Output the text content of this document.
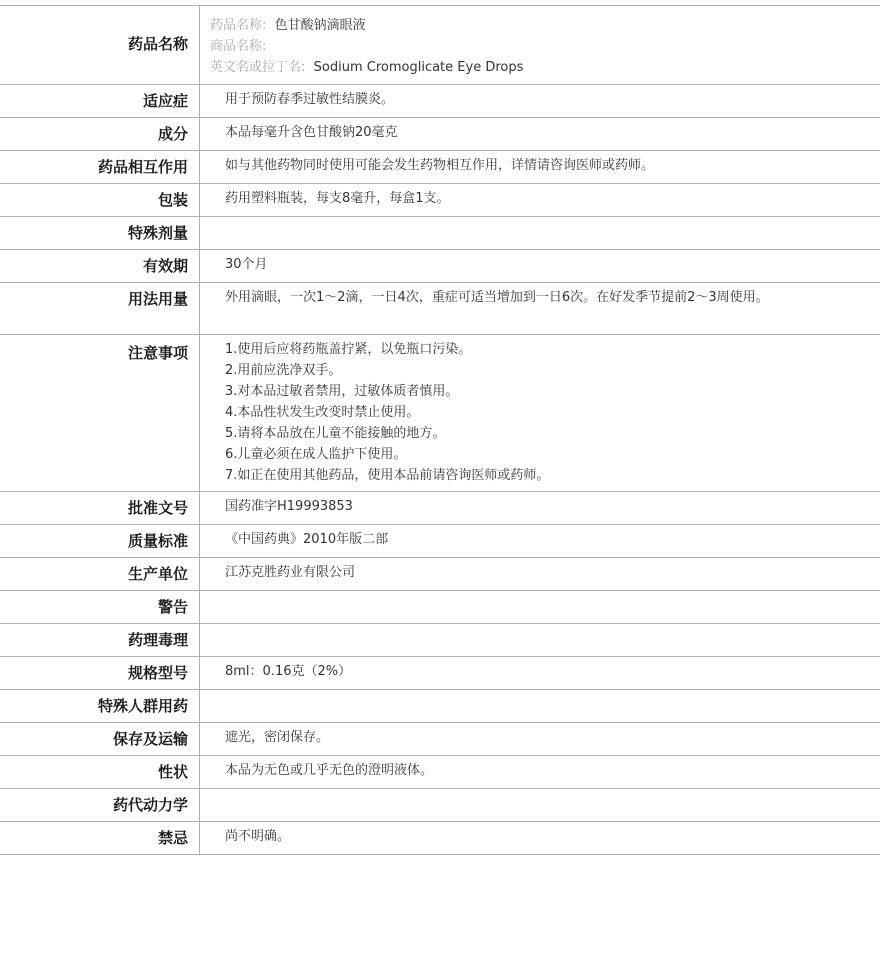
药品名称
药品名称: 色甘酸钠滴眼液
商品名称:
英文名或拉丁名: Sodium Cromoglicate Eye Drops
适应症	用于预防春季过敏性结膜炎。
成分	本品每毫升含色甘酸钠20毫克
药品相互作用	如与其他药物同时使用可能会发生药物相互作用，详情请咨询医师或药师。
包装	药用塑料瓶装，每支8毫升，每盒1支。
特殊剂量
有效期	30个月
用法用量	外用滴眼，一次1～2滴，一日4次，重症可适当增加到一日6次。在好发季节提前2～3周使用。
注意事项	1.使用后应将药瓶盖拧紧，以免瓶口污染。
2.用前应洗净双手。
3.对本品过敏者禁用，过敏体质者慎用。
4.本品性状发生改变时禁止使用。
5.请将本品放在儿童不能接触的地方。
6.儿童必须在成人监护下使用。
7.如正在使用其他药品，使用本品前请咨询医师或药师。
批准文号	国药准字H19993853
质量标准	《中国药典》2010年版二部
生产单位	江苏克胜药业有限公司
警告
药理毒理
规格型号	8ml：0.16克（2%）
特殊人群用药
保存及运输	遮光，密闭保存。
性状	本品为无色或几乎无色的澄明液体。
药代动力学
禁忌	尚不明确。
